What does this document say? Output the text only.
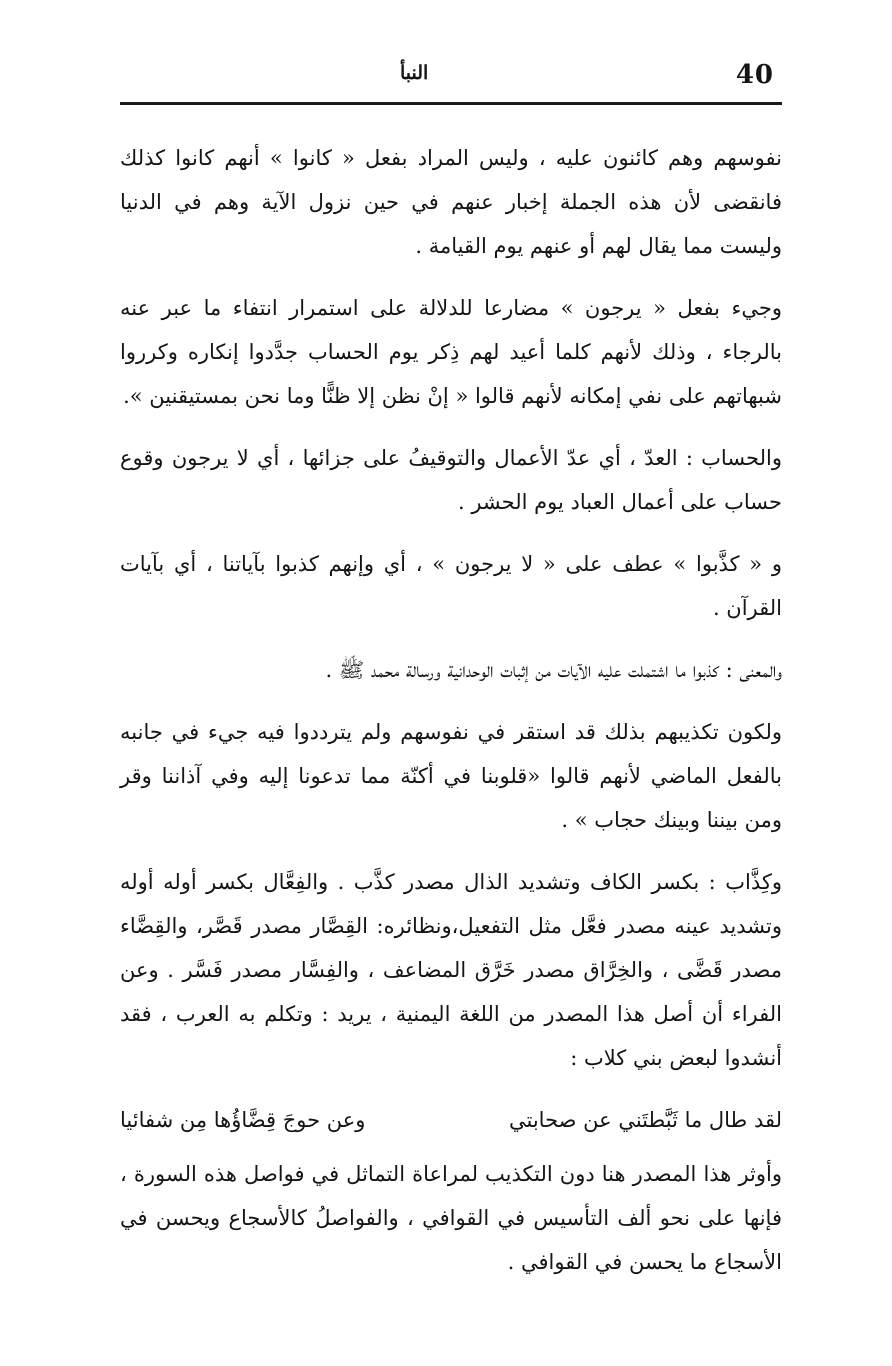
النبأ	40

نفوسهم وهم كائنون عليه ، وليس المراد بفعل « كانوا » أنهم كانوا كذلك فانقضى لأن هذه الجملة إخبار عنهم في حين نزول الآية وهم في الدنيا وليست مما يقال لهم أو عنهم يوم القيامة .

وجيء بفعل « يرجون » مضارعا للدلالة على استمرار انتفاء ما عبر عنه بالرجاء ، وذلك لأنهم كلما أعيد لهم ذِكر يوم الحساب جدَّدوا إنكاره وكرروا شبهاتهم على نفي إمكانه لأنهم قالوا « إنْ نظن إلا ظنًّا وما نحن بمستيقنين ».

والحساب : العدّ ، أي عدّ الأعمال والتوقيفُ على جزائها ، أي لا يرجون وقوع حساب على أعمال العباد يوم الحشر .

و « كذَّبوا » عطف على « لا يرجون » ، أي وإنهم كذبوا بآياتنا ، أي بآيات القرآن .

والمعنى : كذبوا ما اشتملت عليه الآيات من إثبات الوحدانية ورسالة محمد ﷺ .

ولكون تكذيبهم بذلك قد استقر في نفوسهم ولم يترددوا فيه جيء في جانبه بالفعل الماضي لأنهم قالوا «قلوبنا في أكنّة مما تدعونا إليه وفي آذاننا وقر ومن بيننا وبينك حجاب » .

وكِذَّاب : بكسر الكاف وتشديد الذال مصدر كذَّب . والفِعَّال بكسر أوله أوله وتشديد عينه مصدر فعَّل مثل التفعيل،ونظائره: القِصَّار مصدر قَصَّر، والقِضَّاء مصدر قَضَّى ، والخِرَّاق مصدر خَرَّق المضاعف ، والفِسَّار مصدر فَسَّر . وعن الفراء أن أصل هذا المصدر من اللغة اليمنية ، يريد : وتكلم به العرب ، فقد أنشدوا لبعض بني كلاب :

لقد طال ما ثَبَّطتَني عن صحابتي
وعن حوجَ قِضَّاؤُها مِن شفائيا

وأوثر هذا المصدر هنا دون التكذيب لمراعاة التماثل في فواصل هذه السورة ، فإنها على نحو ألف التأسيس في القوافي ، والفواصلُ كالأسجاع ويحسن في الأسجاع ما يحسن في القوافي .
